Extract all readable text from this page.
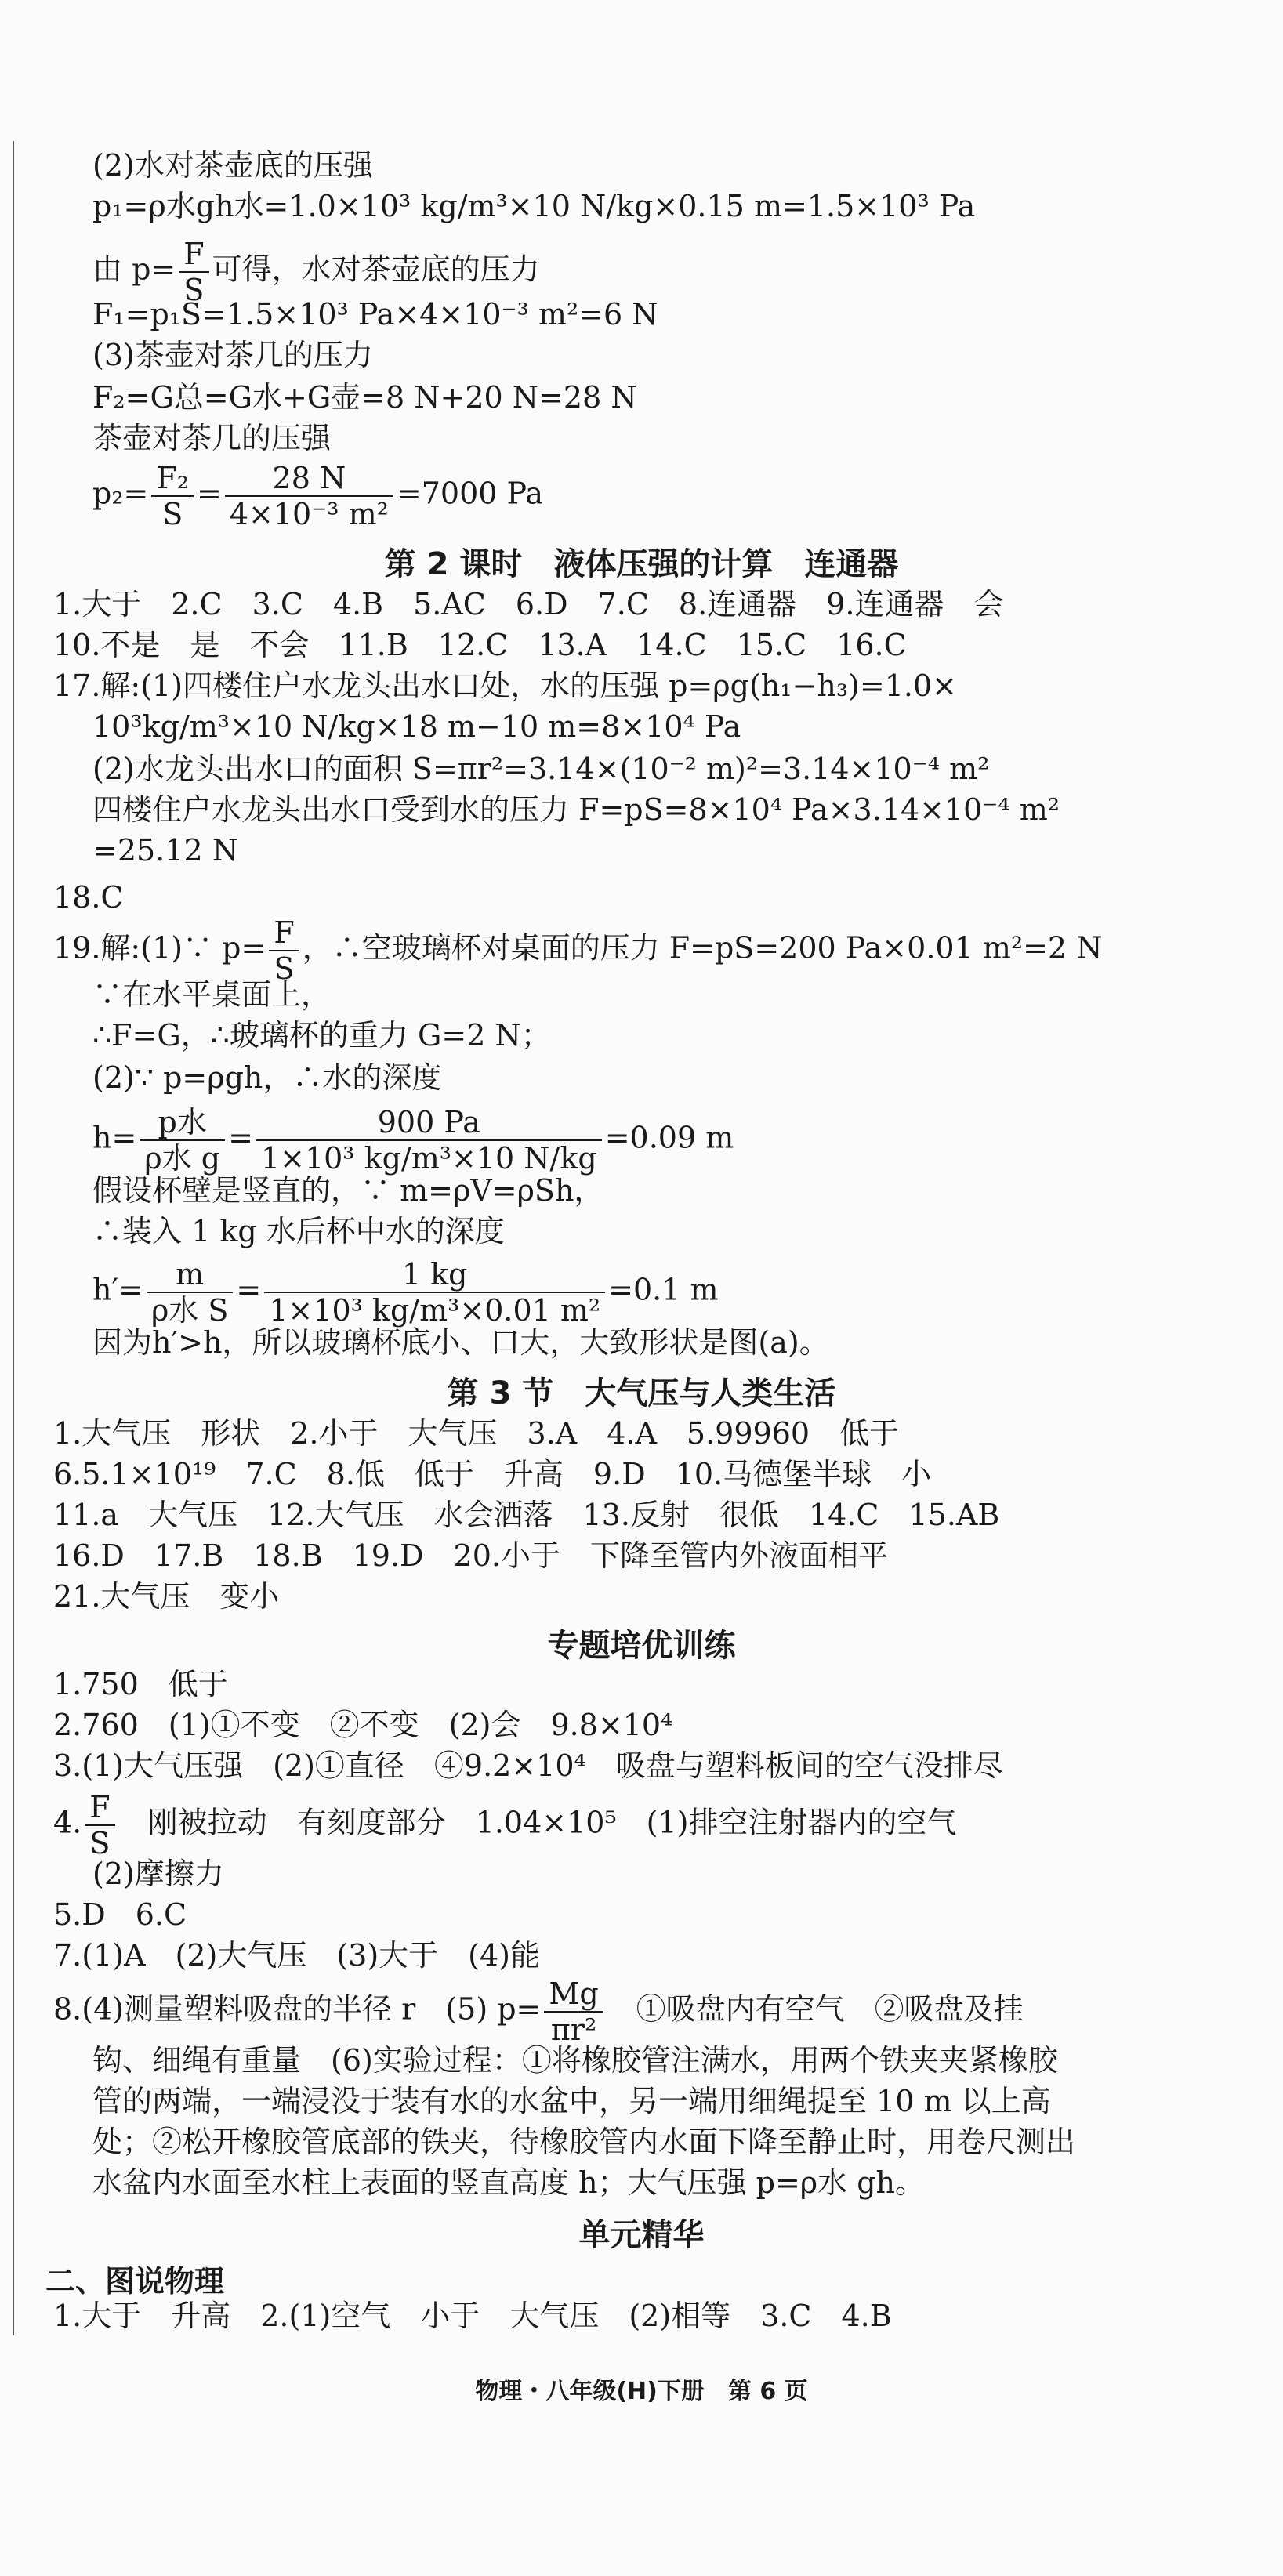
(2)水对茶壶底的压强
p₁=ρ水gh水=1.0×10³ kg/m³×10 N/kg×0.15 m=1.5×10³ Pa
由 $p= \frac{F}{S}$ 可得，水对茶壶底的压力
F₁=p₁S=1.5×10³ Pa×4×10⁻³ m²=6 N
(3)茶壶对茶几的压力
F₂=G总=G水+G壶=8 N+20 N=28 N
茶壶对茶几的压强
$p_2= \frac{\text{F₂}}{S} = \frac{28 N}{\text{4×10⁻³ m²}} =7000$ Pa
第 2 课时　液体压强的计算　连通器
1.大于　2.C　3.C　4.B　5.AC　6.D　7.C　8.连通器　9.连通器　会
10.不是　是　不会　11.B　12.C　13.A　14.C　15.C　16.C
17.解:(1)四楼住户水龙头出水口处，水的压强 p=ρg(h₁−h₃)=1.0×
10³kg/m³×10 N/kg×18 m−10 m=8×10⁴ Pa
(2)水龙头出水口的面积 S=πr²=3.14×(10⁻² m)²=3.14×10⁻⁴ m²
四楼住户水龙头出水口受到水的压力 F=pS=8×10⁴ Pa×3.14×10⁻⁴ m²
=25.12 N
18.C
19.解:(1)∵ $p= \frac{F}{S}$ ，∴空玻璃杯对桌面的压力 F=pS=200 Pa×0.01 m²=2 N
∵在水平桌面上，
∴F=G，∴玻璃杯的重力 G=2 N；
(2)∵ p=ρgh，∴水的深度
$h= \frac{\text{p水}}{\text{ρ水 g}} = \frac{900 Pa}{\text{1×10³ kg/m³×10 N/kg}} =0.09$ m
假设杯壁是竖直的，∵ m=ρV=ρSh，
∴装入 1 kg 水后杯中水的深度
$h'= \frac{m}{\text{ρ水 S}} = \frac{1 kg}{\text{1×10³ kg/m³×0.01 m²}} =0.1$ m
因为h′>h，所以玻璃杯底小、口大，大致形状是图(a)。
第 3 节　大气压与人类生活
1.大气压　形状　2.小于　大气压　3.A　4.A　5.99960　低于
6.5.1×10¹⁹　7.C　8.低　低于　升高　9.D　10.马德堡半球　小
11.a　大气压　12.大气压　水会洒落　13.反射　很低　14.C　15.AB
16.D　17.B　18.B　19.D　20.小于　下降至管内外液面相平
21.大气压　变小
专题培优训练
1.750　低于
2.760　(1)①不变　②不变　(2)会　9.8×10⁴
3.(1)大气压强　(2)①直径　④9.2×10⁴　吸盘与塑料板间的空气没排尽
4. $\frac{F}{S}$ 　刚被拉动　有刻度部分　1.04×10⁵　(1)排空注射器内的空气
(2)摩擦力
5.D　6.C
7.(1)A　(2)大气压　(3)大于　(4)能
8.(4)测量塑料吸盘的半径 r　(5) $p= \frac{Mg}{\text{πr²}}$ 　①吸盘内有空气　②吸盘及挂
钩、细绳有重量　(6)实验过程：①将橡胶管注满水，用两个铁夹夹紧橡胶
管的两端，一端浸没于装有水的水盆中，另一端用细绳提至 10 m 以上高
处；②松开橡胶管底部的铁夹，待橡胶管内水面下降至静止时，用卷尺测出
水盆内水面至水柱上表面的竖直高度 h；大气压强 p=ρ水 gh。
单元精华
二、图说物理
1.大于　升高　2.(1)空气　小于　大气压　(2)相等　3.C　4.B
物理・八年级(H)下册　第 6 页
